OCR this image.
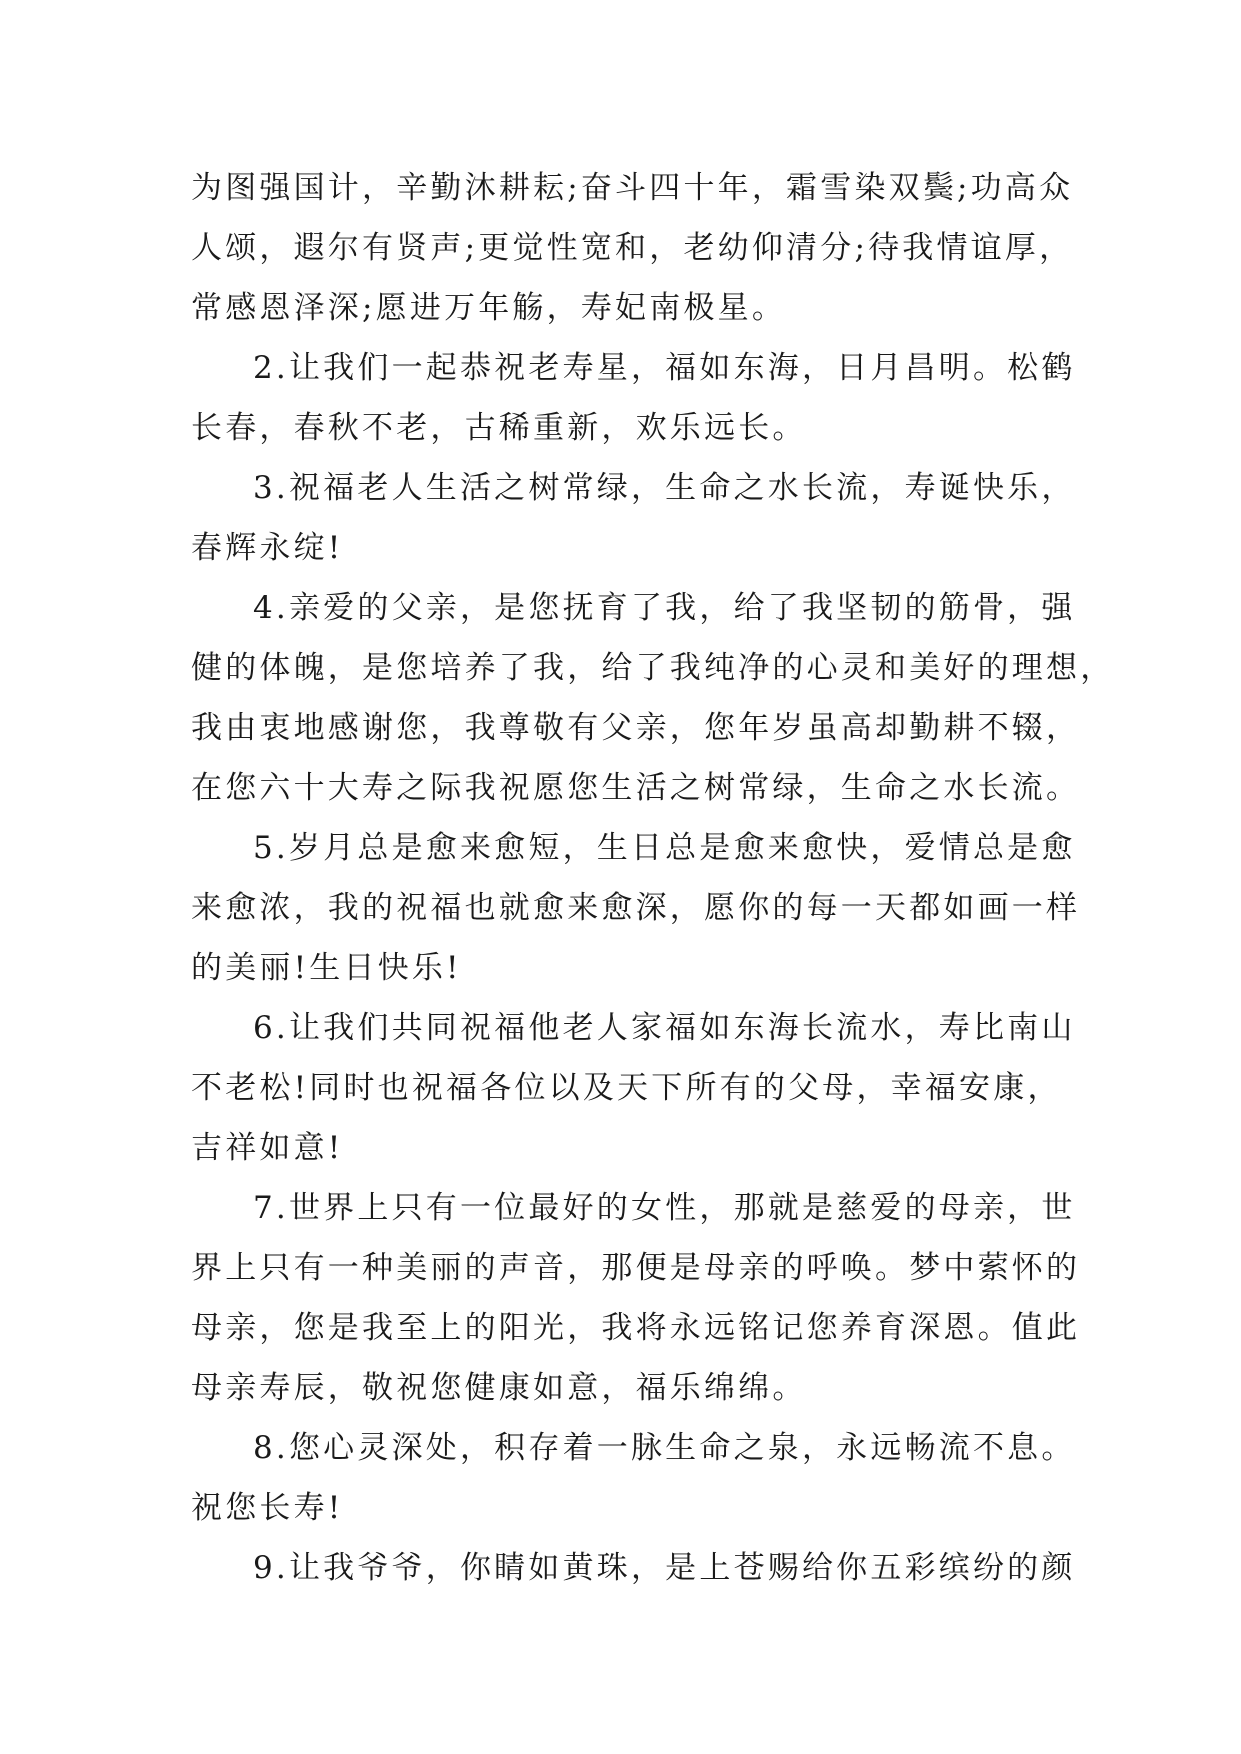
为图强国计，辛勤沐耕耘;奋斗四十年，霜雪染双鬓;功高众
人颂，遐尔有贤声;更觉性宽和，老幼仰清分;待我情谊厚，
常感恩泽深;愿进万年觞，寿妃南极星。
2.让我们一起恭祝老寿星，福如东海，日月昌明。松鹤
长春，春秋不老，古稀重新，欢乐远长。
3.祝福老人生活之树常绿，生命之水长流，寿诞快乐，
春辉永绽!
4.亲爱的父亲，是您抚育了我，给了我坚韧的筋骨，强
健的体魄，是您培养了我，给了我纯净的心灵和美好的理想，
我由衷地感谢您，我尊敬有父亲，您年岁虽高却勤耕不辍，
在您六十大寿之际我祝愿您生活之树常绿，生命之水长流。
5.岁月总是愈来愈短，生日总是愈来愈快，爱情总是愈
来愈浓，我的祝福也就愈来愈深，愿你的每一天都如画一样
的美丽!生日快乐!
6.让我们共同祝福他老人家福如东海长流水，寿比南山
不老松!同时也祝福各位以及天下所有的父母，幸福安康，
吉祥如意!
7.世界上只有一位最好的女性，那就是慈爱的母亲，世
界上只有一种美丽的声音，那便是母亲的呼唤。梦中萦怀的
母亲，您是我至上的阳光，我将永远铭记您养育深恩。值此
母亲寿辰，敬祝您健康如意，福乐绵绵。
8.您心灵深处，积存着一脉生命之泉，永远畅流不息。
祝您长寿!
9.让我爷爷，你睛如黄珠，是上苍赐给你五彩缤纷的颜
